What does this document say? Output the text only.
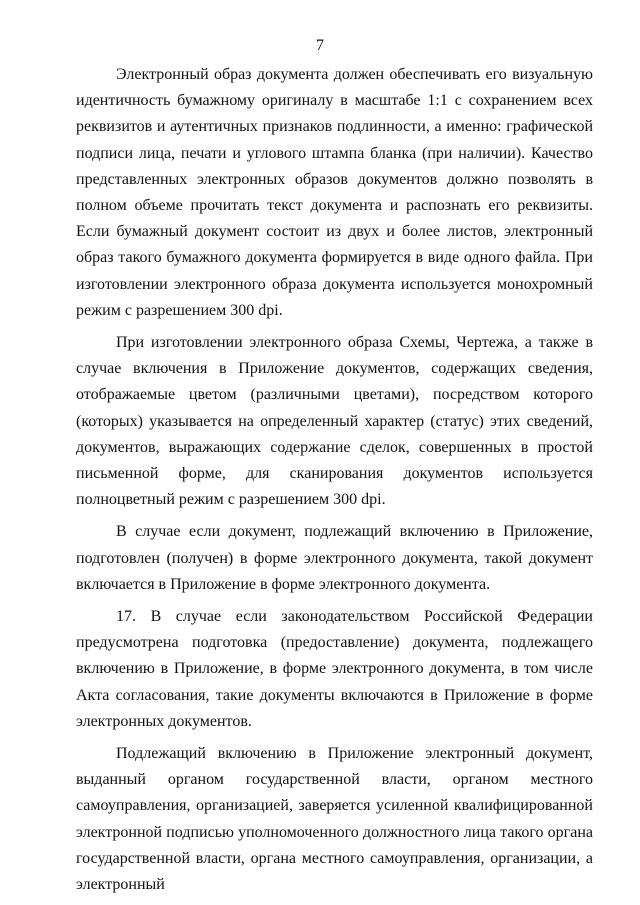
7

Электронный образ документа должен обеспечивать его визуальную идентичность бумажному оригиналу в масштабе 1:1 с сохранением всех реквизитов и аутентичных признаков подлинности, а именно: графической подписи лица, печати и углового штампа бланка (при наличии). Качество представленных электронных образов документов должно позволять в полном объеме прочитать текст документа и распознать его реквизиты. Если бумажный документ состоит из двух и более листов, электронный образ такого бумажного документа формируется в виде одного файла. При изготовлении электронного образа документа используется монохромный режим с разрешением 300 dpi.

При изготовлении электронного образа Схемы, Чертежа, а также в случае включения в Приложение документов, содержащих сведения, отображаемые цветом (различными цветами), посредством которого (которых) указывается на определенный характер (статус) этих сведений, документов, выражающих содержание сделок, совершенных в простой письменной форме, для сканирования документов используется полноцветный режим с разрешением 300 dpi.

В случае если документ, подлежащий включению в Приложение, подготовлен (получен) в форме электронного документа, такой документ включается в Приложение в форме электронного документа.

17. В случае если законодательством Российской Федерации предусмотрена подготовка (предоставление) документа, подлежащего включению в Приложение, в форме электронного документа, в том числе Акта согласования, такие документы включаются в Приложение в форме электронных документов.

Подлежащий включению в Приложение электронный документ, выданный органом государственной власти, органом местного самоуправления, организацией, заверяется усиленной квалифицированной электронной подписью уполномоченного должностного лица такого органа государственной власти, органа местного самоуправления, организации, а электронный
